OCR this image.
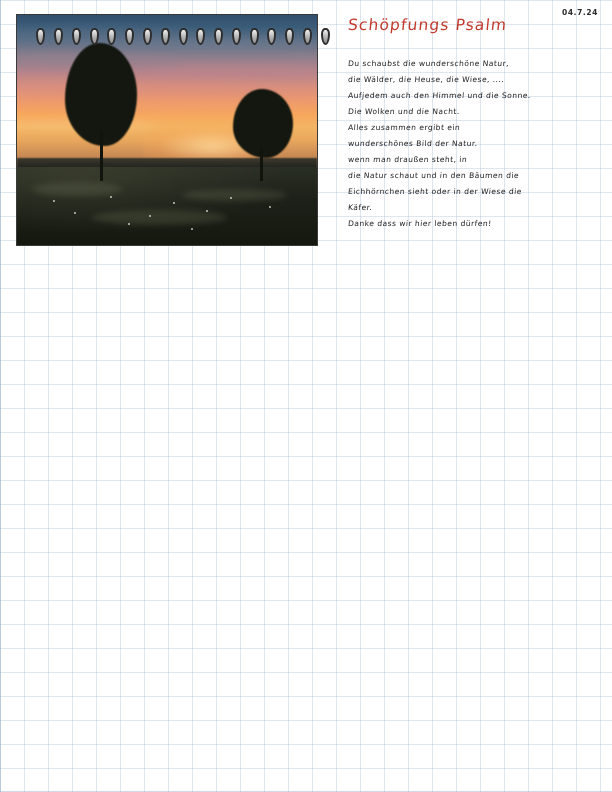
04.7.24
Schöpfungs Psalm
Du schaubst die wunderschöne Natur,
die Wälder, die Heuse, die Wiese, ....
Aufjedem auch den Himmel und die Sonne.
Die Wolken und die Nacht.
Alles zusammen ergibt ein
wunderschönes Bild der Natur.
wenn man draußen steht, in
die Natur schaut und in den Bäumen die
Eichhörnchen sieht oder in der Wiese die
Käfer.
Danke dass wir hier leben dürfen!
